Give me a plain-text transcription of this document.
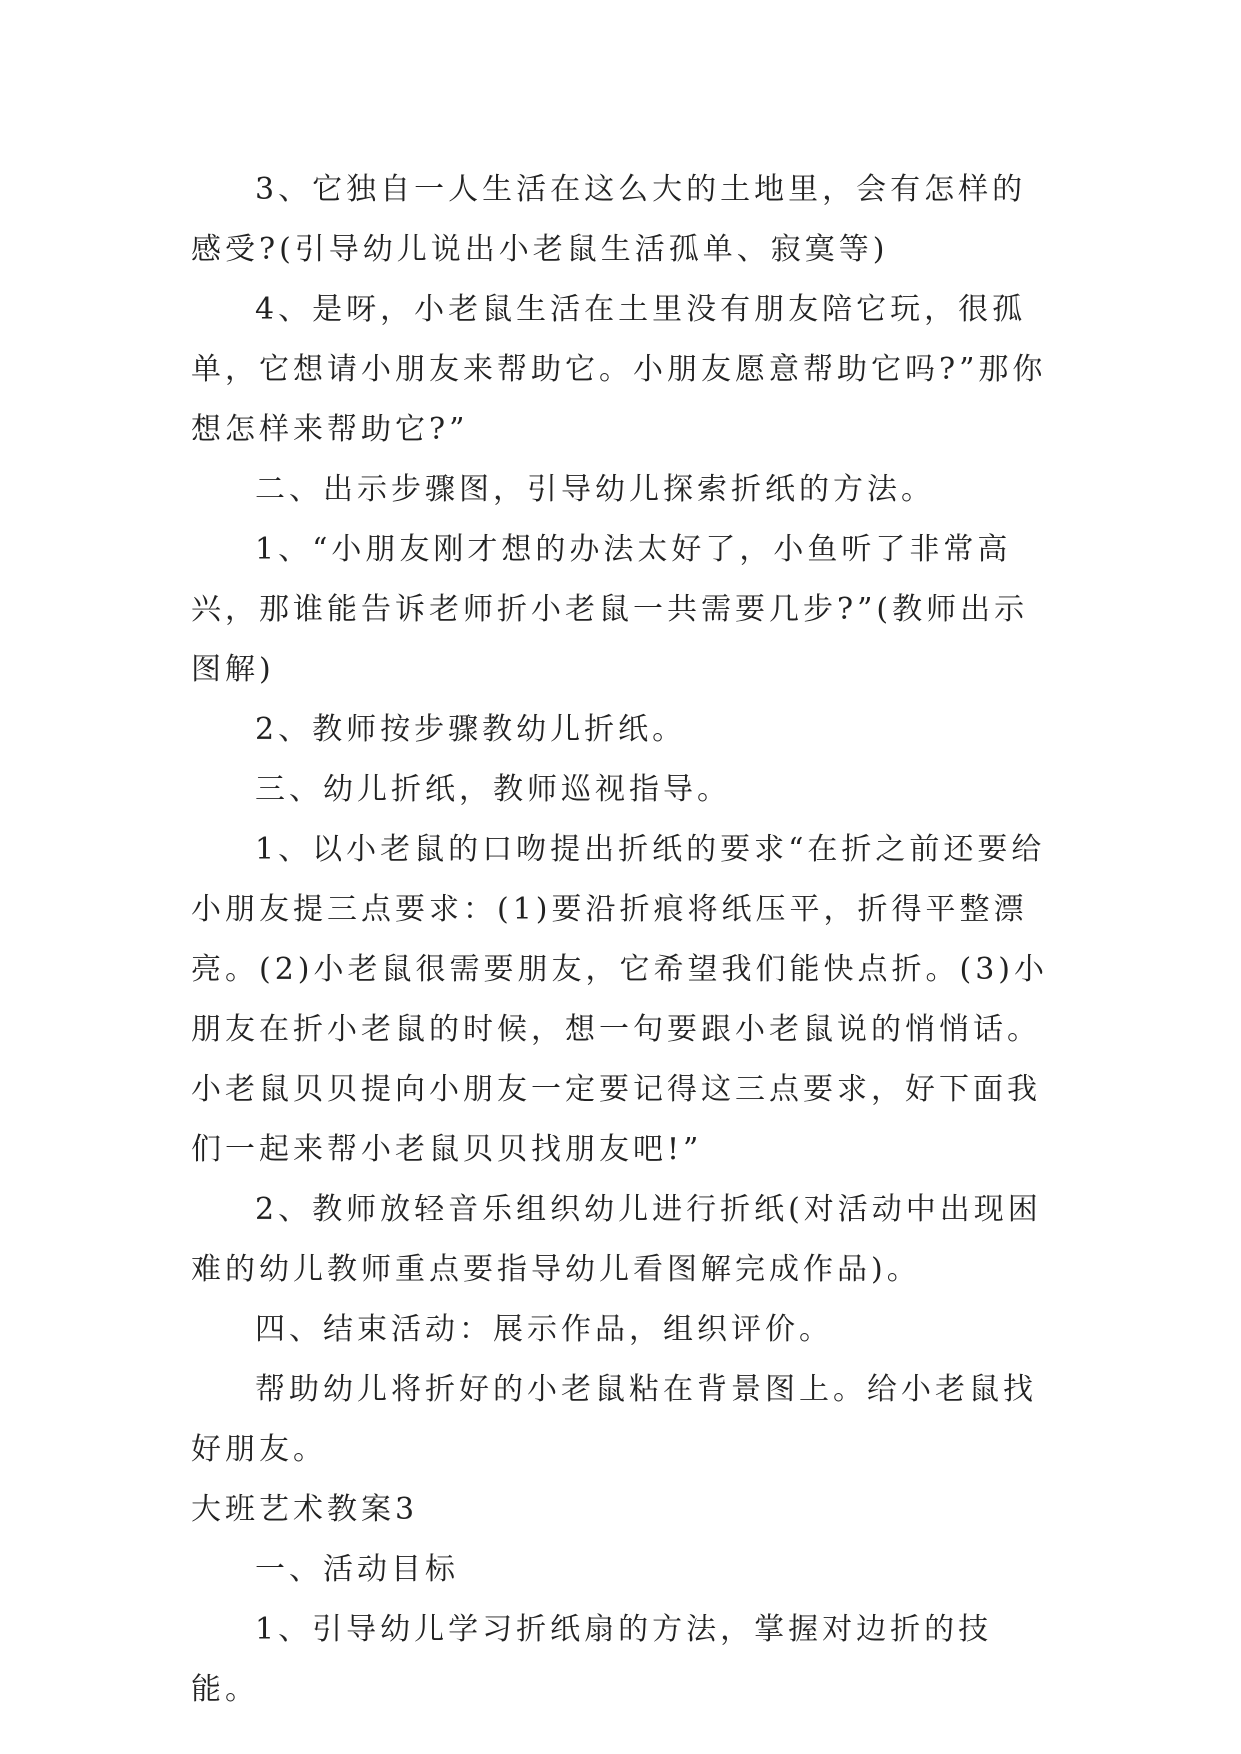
3、它独自一人生活在这么大的土地里，会有怎样的感受?(引导幼儿说出小老鼠生活孤单、寂寞等)

4、是呀，小老鼠生活在土里没有朋友陪它玩，很孤单，它想请小朋友来帮助它。小朋友愿意帮助它吗?”那你想怎样来帮助它?”

二、出示步骤图，引导幼儿探索折纸的方法。

1、“小朋友刚才想的办法太好了，小鱼听了非常高兴，那谁能告诉老师折小老鼠一共需要几步?”(教师出示图解)

2、教师按步骤教幼儿折纸。

三、幼儿折纸，教师巡视指导。

1、以小老鼠的口吻提出折纸的要求“在折之前还要给小朋友提三点要求：(1)要沿折痕将纸压平，折得平整漂亮。(2)小老鼠很需要朋友，它希望我们能快点折。(3)小朋友在折小老鼠的时候，想一句要跟小老鼠说的悄悄话。小老鼠贝贝提向小朋友一定要记得这三点要求，好下面我们一起来帮小老鼠贝贝找朋友吧!”

2、教师放轻音乐组织幼儿进行折纸(对活动中出现困难的幼儿教师重点要指导幼儿看图解完成作品)。

四、结束活动：展示作品，组织评价。

帮助幼儿将折好的小老鼠粘在背景图上。给小老鼠找好朋友。

大班艺术教案3

一、活动目标

1、引导幼儿学习折纸扇的方法，掌握对边折的技能。
